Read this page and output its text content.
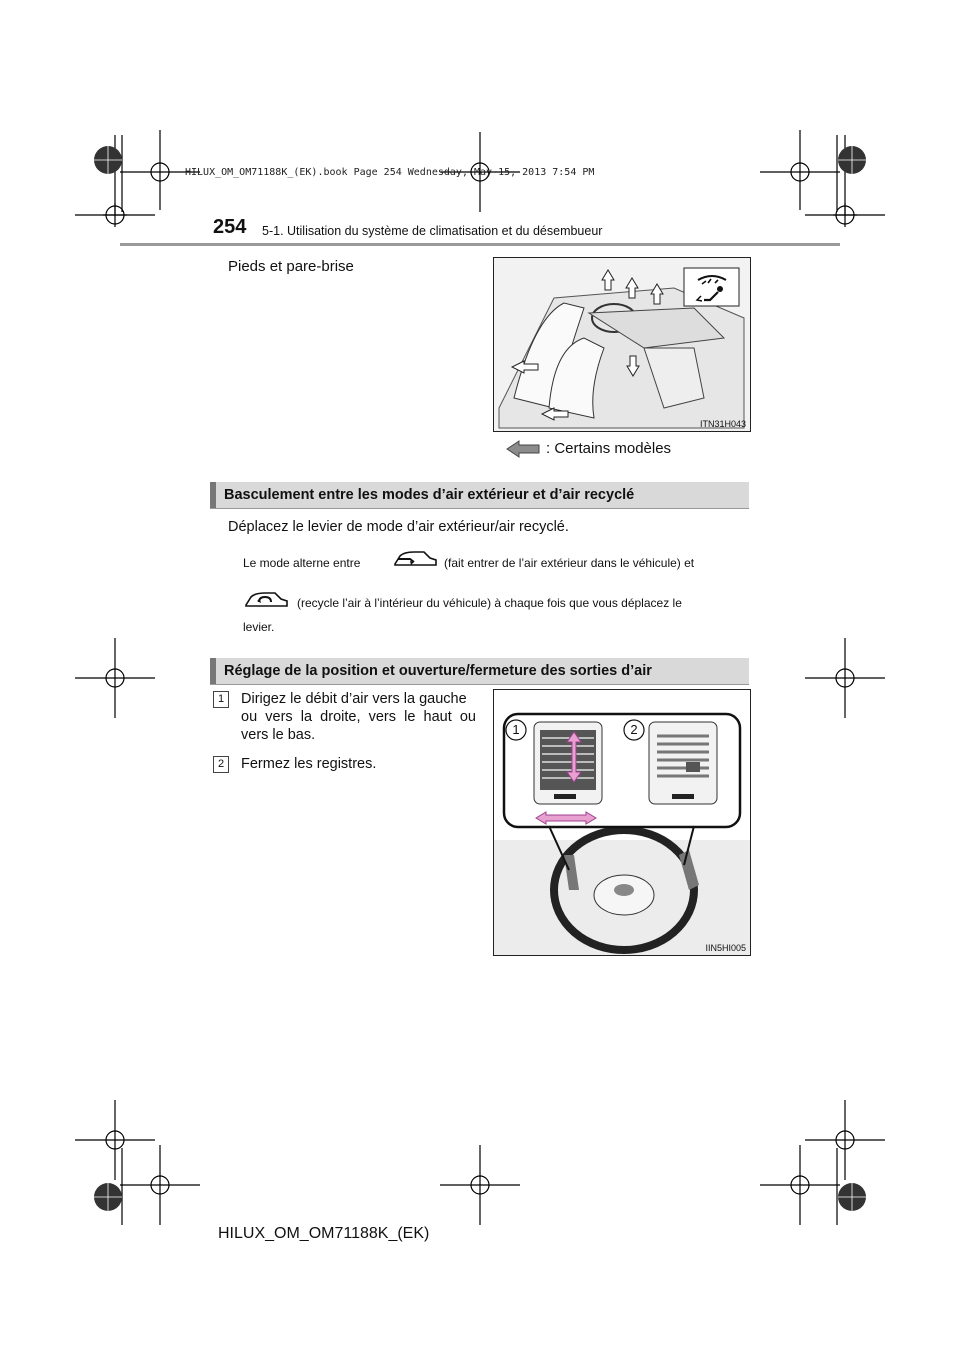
HILUX_OM_OM71188K_(EK).book Page 254 Wednesday, May 15, 2013 7:54 PM
254 5-1. Utilisation du système de climatisation et du désembueur
Pieds et pare-brise
ITN31H043
: Certains modèles
Basculement entre les modes d’air extérieur et d’air recyclé
Déplacez le levier de mode d’air extérieur/air recyclé.
Le mode alterne entre	(fait entrer de l’air extérieur dans le véhicule) et
(recycle l’air à l’intérieur du véhicule) à chaque fois que vous déplacez le
levier.
Réglage de la position et ouverture/fermeture des sorties d’air
1	Dirigez le débit d’air vers la gauche
ou vers la droite, vers le haut ou
vers le bas.
2	Fermez les registres.
1	2
IIN5HI005
HILUX_OM_OM71188K_(EK)
